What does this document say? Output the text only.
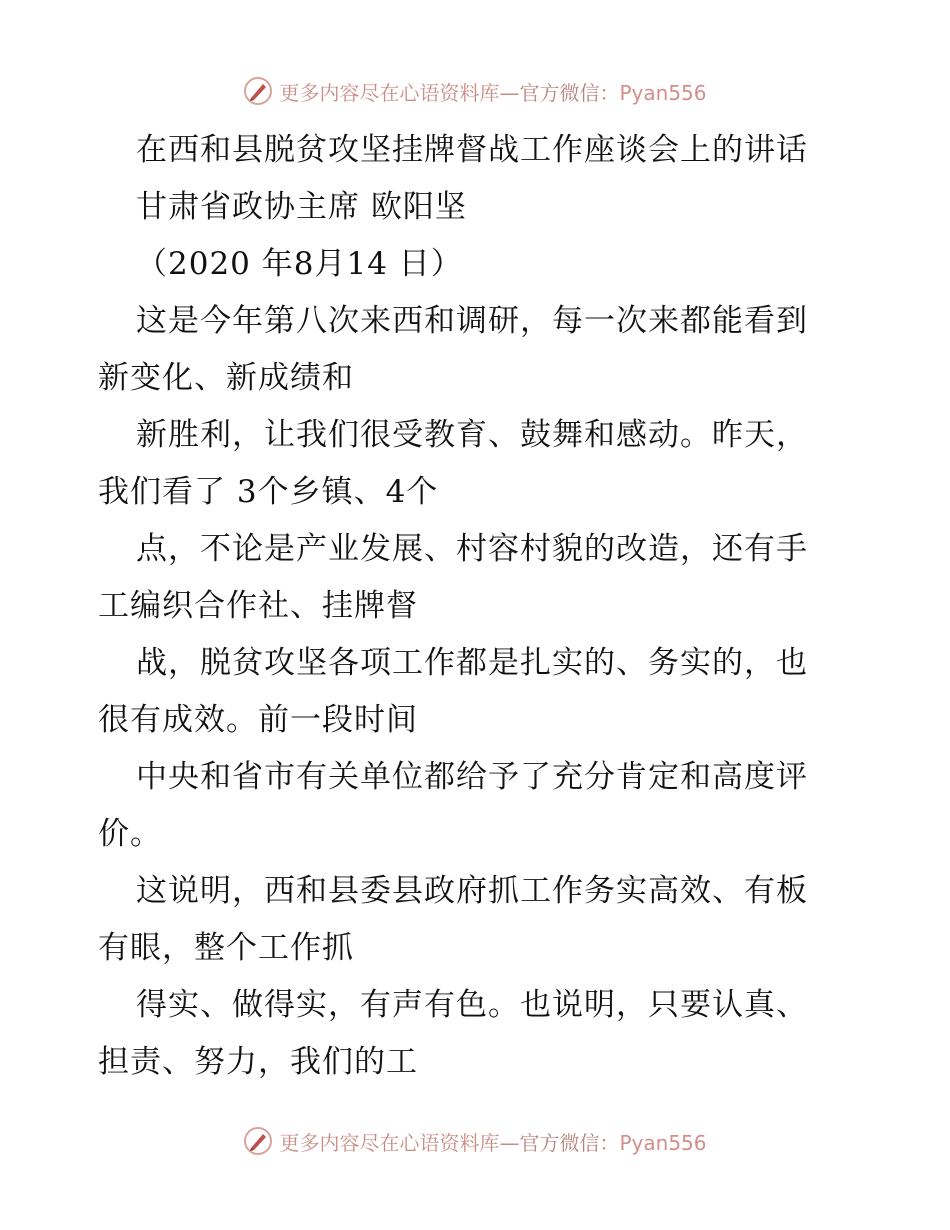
更多内容尽在心语资料库—官方微信：Pyan556
在西和县脱贫攻坚挂牌督战工作座谈会上的讲话
甘肃省政协主席 欧阳坚
（2020 年8月14 日）
这是今年第八次来西和调研，每一次来都能看到
新变化、新成绩和
新胜利，让我们很受教育、鼓舞和感动。昨天，
我们看了 3个乡镇、4个
点，不论是产业发展、村容村貌的改造，还有手
工编织合作社、挂牌督
战，脱贫攻坚各项工作都是扎实的、务实的，也
很有成效。前一段时间
中央和省市有关单位都给予了充分肯定和高度评
价。
这说明，西和县委县政府抓工作务实高效、有板
有眼，整个工作抓
得实、做得实，有声有色。也说明，只要认真、
担责、努力，我们的工
更多内容尽在心语资料库—官方微信：Pyan556
